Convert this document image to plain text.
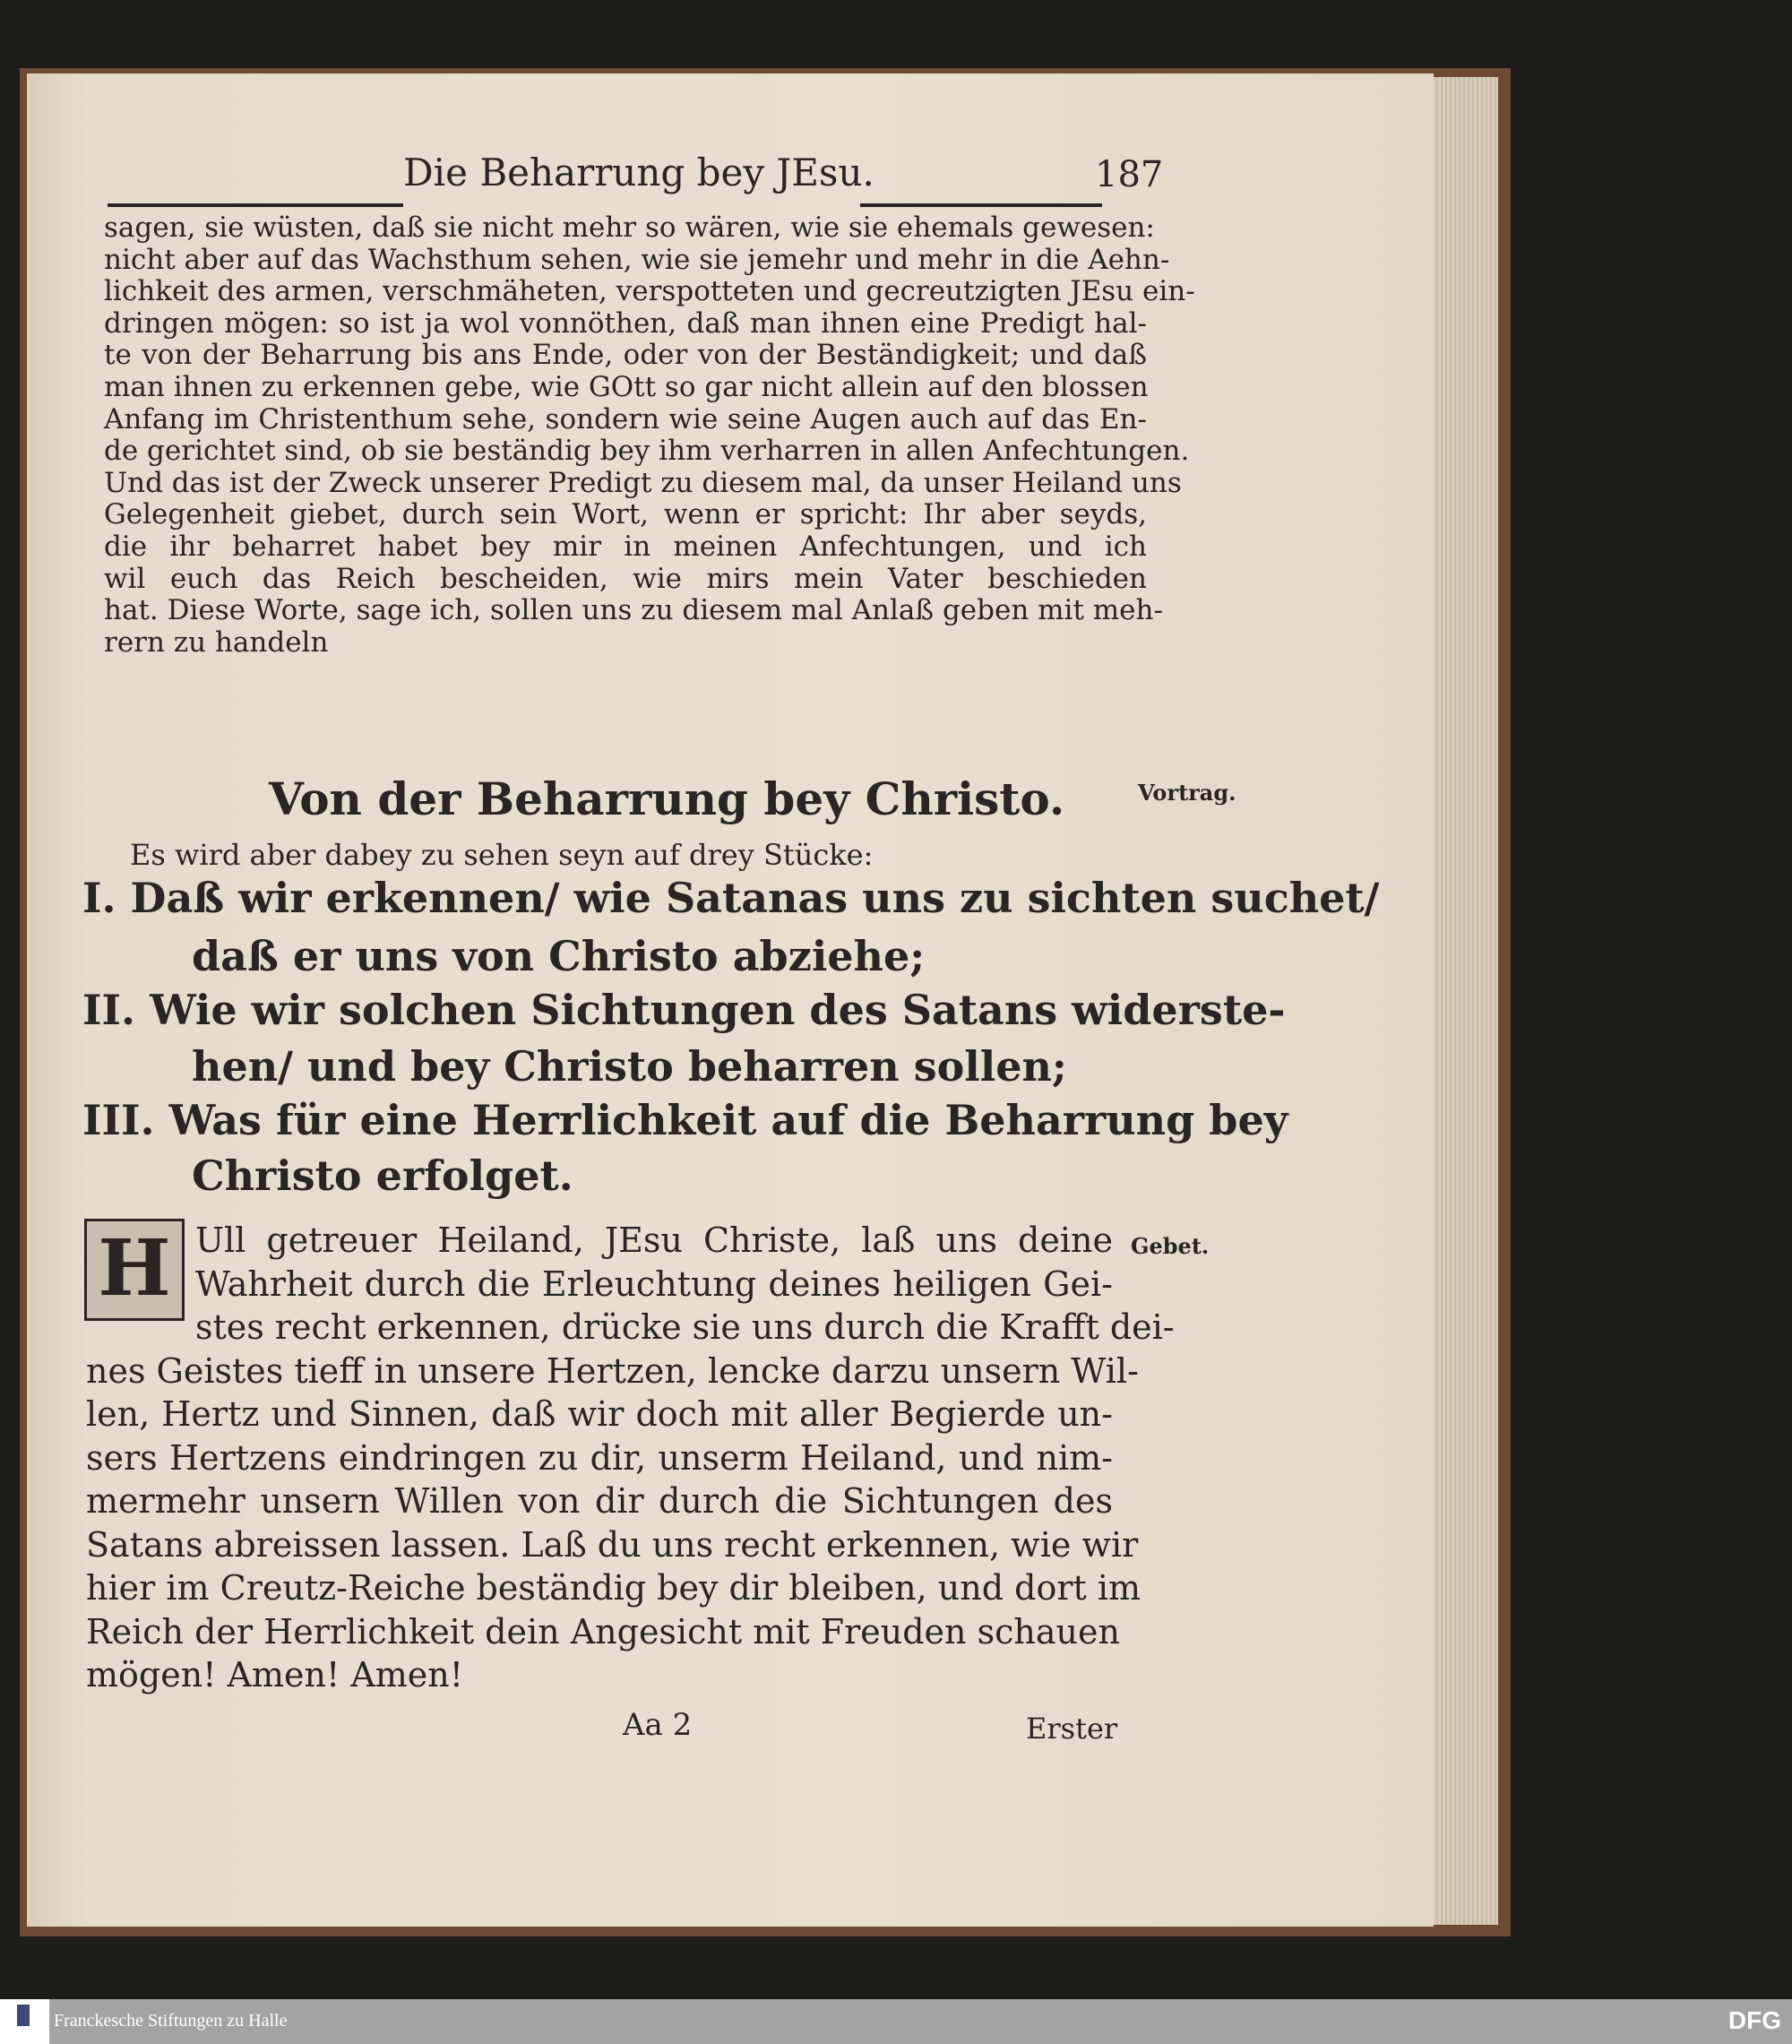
Die Beharrung bey JEsu.	187
sagen, sie wüsten, daß sie nicht mehr so wären, wie sie ehemals gewesen:
nicht aber auf das Wachsthum sehen, wie sie jemehr und mehr in die Aehn-
lichkeit des armen, verschmäheten, verspotteten und gecreutzigten JEsu ein-
dringen mögen: so ist ja wol vonnöthen, daß man ihnen eine Predigt hal-
te von der Beharrung bis ans Ende, oder von der Beständigkeit; und daß
man ihnen zu erkennen gebe, wie GOtt so gar nicht allein auf den blossen
Anfang im Christenthum sehe, sondern wie seine Augen auch auf das En-
de gerichtet sind, ob sie beständig bey ihm verharren in allen Anfechtungen.
Und das ist der Zweck unserer Predigt zu diesem mal, da unser Heiland uns
Gelegenheit giebet, durch sein Wort, wenn er spricht: Ihr aber seyds,
die ihr beharret habet bey mir in meinen Anfechtungen, und ich
wil euch das Reich bescheiden, wie mirs mein Vater beschieden
hat. Diese Worte, sage ich, sollen uns zu diesem mal Anlaß geben mit meh-
rern zu handeln
Von der Beharrung bey Christo.	Vortrag.
Es wird aber dabey zu sehen seyn auf drey Stücke:
I. Daß wir erkennen/ wie Satanas uns zu sichten suchet/
daß er uns von Christo abziehe;
II. Wie wir solchen Sichtungen des Satans widerste-
hen/ und bey Christo beharren sollen;
III. Was für eine Herrlichkeit auf die Beharrung bey
Christo erfolget.
H	Gebet.
Ull getreuer Heiland, JEsu Christe, laß uns deine
Wahrheit durch die Erleuchtung deines heiligen Gei-
stes recht erkennen, drücke sie uns durch die Krafft dei-
nes Geistes tieff in unsere Hertzen, lencke darzu unsern Wil-
len, Hertz und Sinnen, daß wir doch mit aller Begierde un-
sers Hertzens eindringen zu dir, unserm Heiland, und nim-
mermehr unsern Willen von dir durch die Sichtungen des
Satans abreissen lassen. Laß du uns recht erkennen, wie wir
hier im Creutz-Reiche beständig bey dir bleiben, und dort im
Reich der Herrlichkeit dein Angesicht mit Freuden schauen
mögen! Amen! Amen!
Aa 2	Erster
Franckesche Stiftungen zu Halle	DFG
